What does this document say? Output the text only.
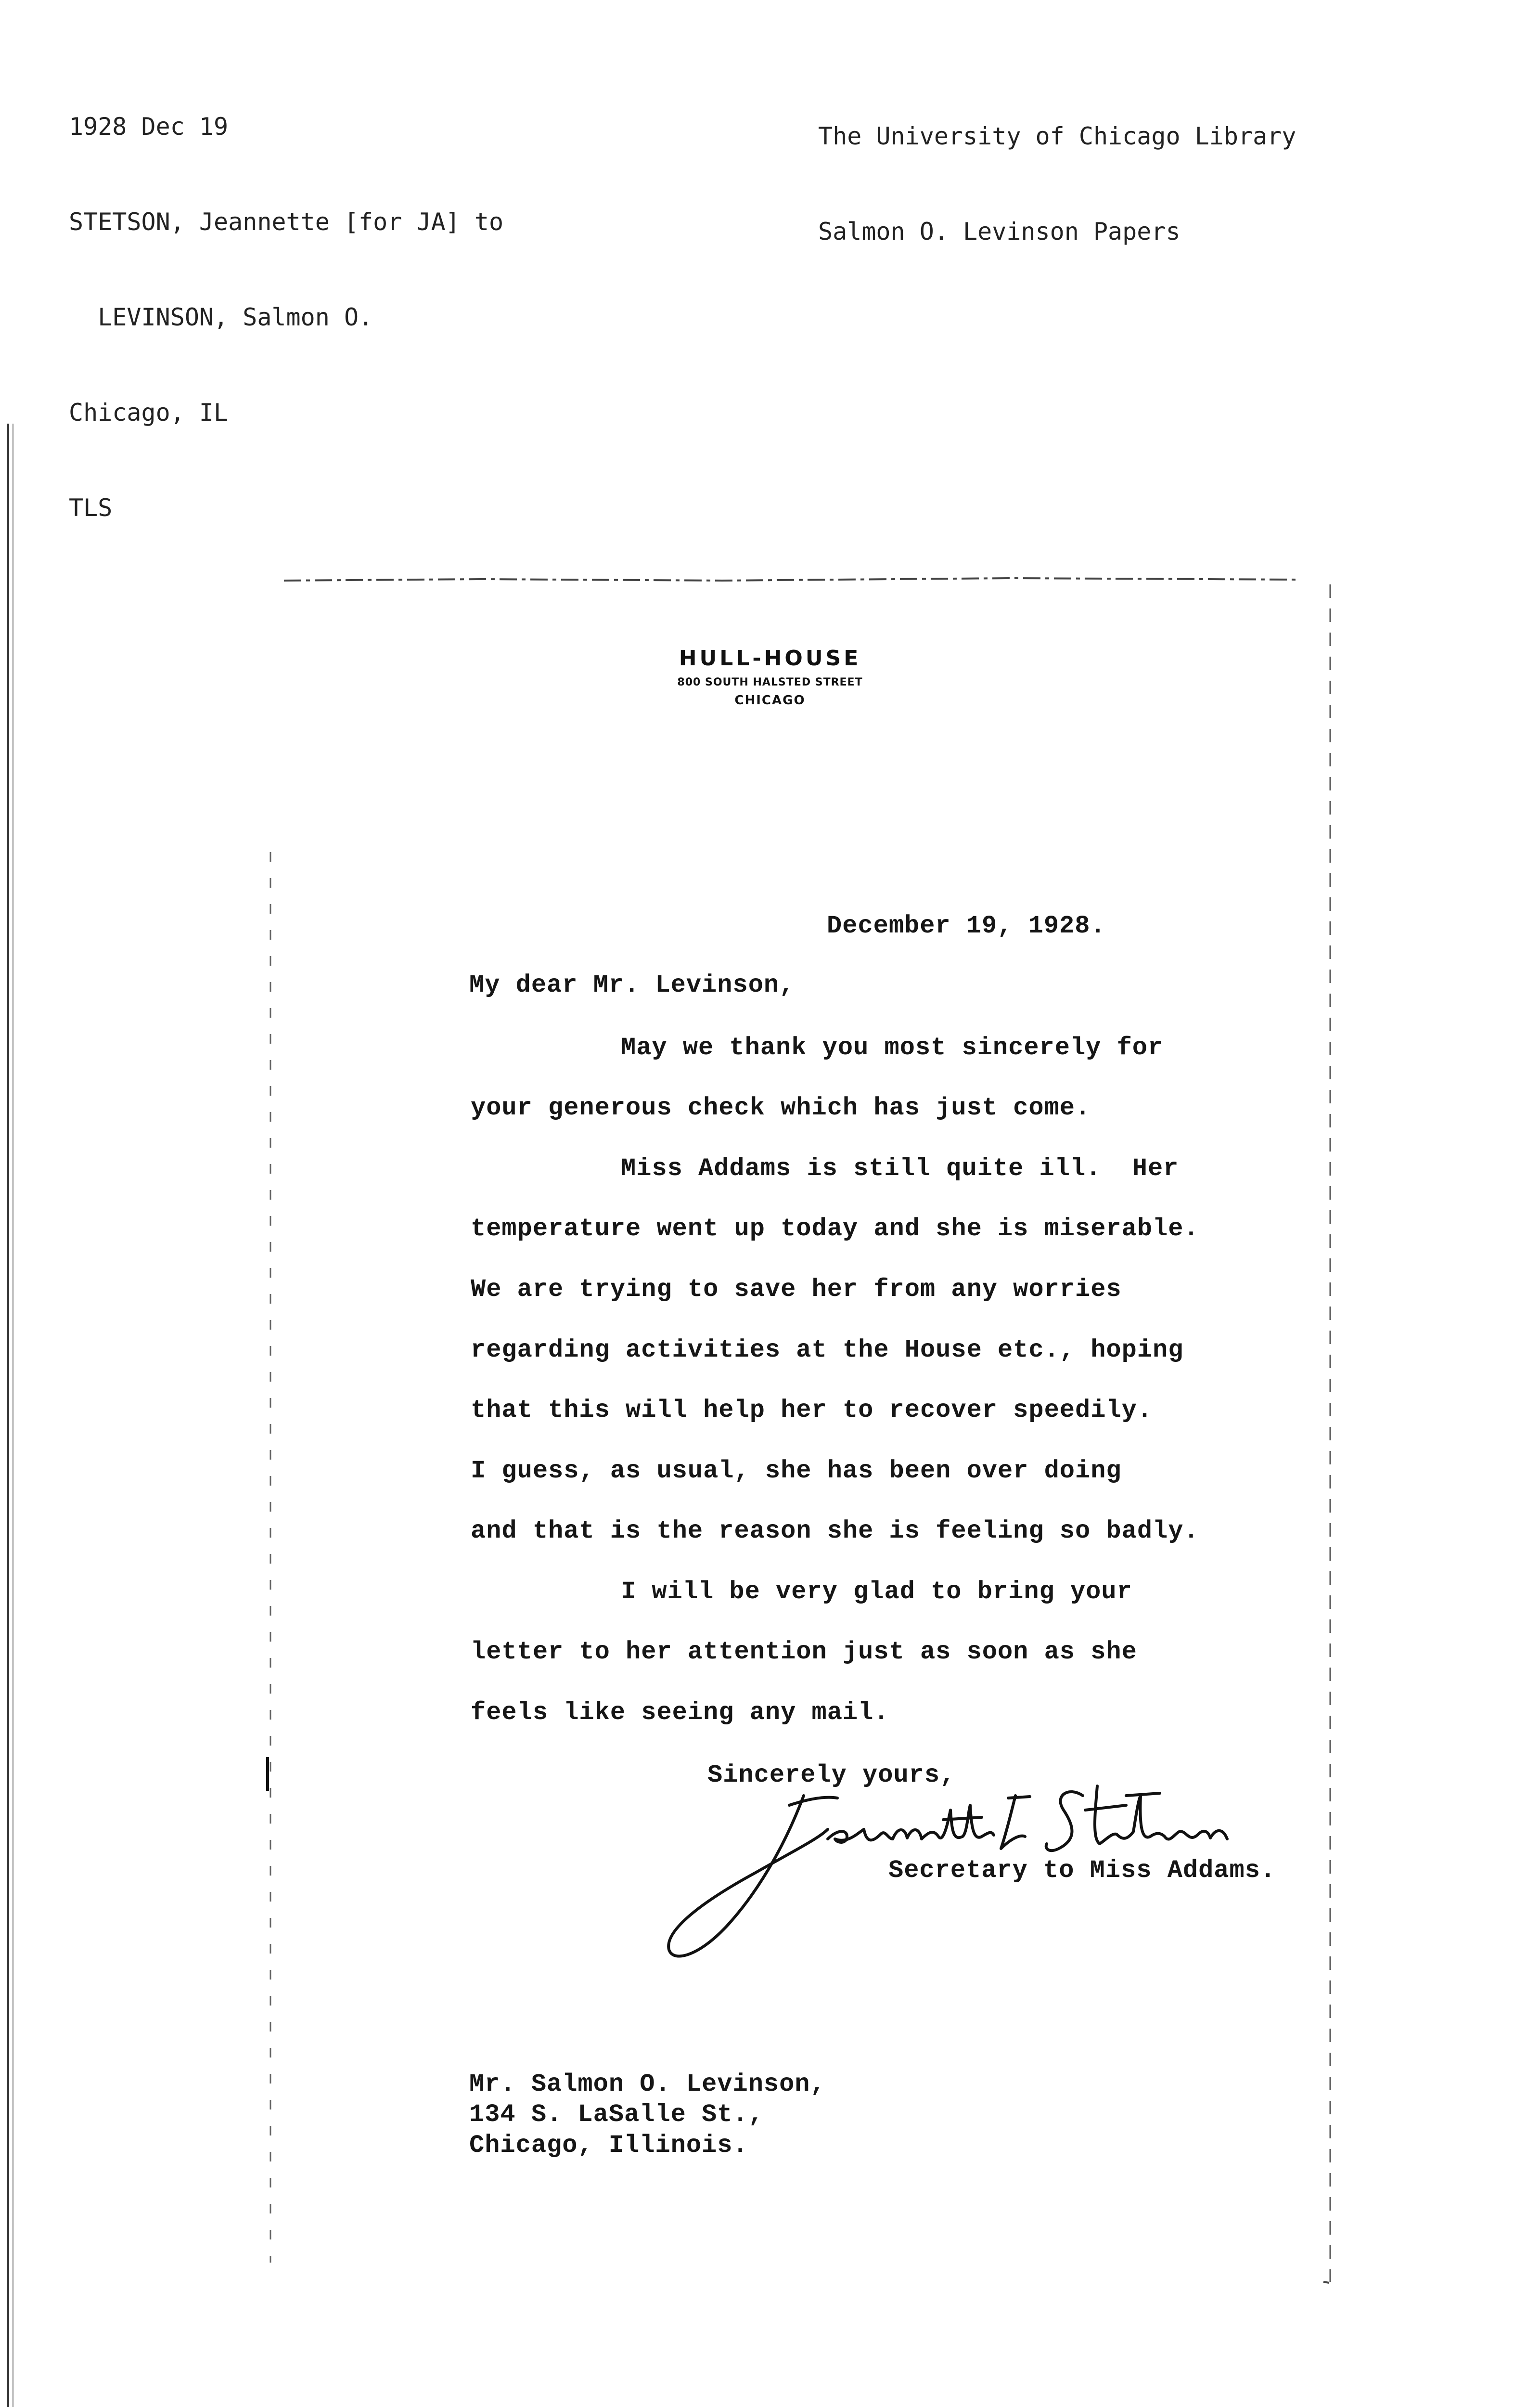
1928 Dec 19

STETSON, Jeannette [for JA] to

LEVINSON, Salmon O.

Chicago, IL

TLS

The University of Chicago Library

Salmon O. Levinson Papers

HULL-HOUSE
800 SOUTH HALSTED STREET
CHICAGO
December 19, 1928.
My dear Mr. Levinson,
May we thank you most sincerely for
your generous check which has just come.
Miss Addams is still quite ill.  Her
temperature went up today and she is miserable.
We are trying to save her from any worries
regarding activities at the House etc., hoping
that this will help her to recover speedily.
I guess, as usual, she has been over doing
and that is the reason she is feeling so badly.
I will be very glad to bring your
letter to her attention just as soon as she
feels like seeing any mail.
Sincerely yours,
Secretary to Miss Addams.
Mr. Salmon O. Levinson,
134 S. LaSalle St.,
Chicago, Illinois.
